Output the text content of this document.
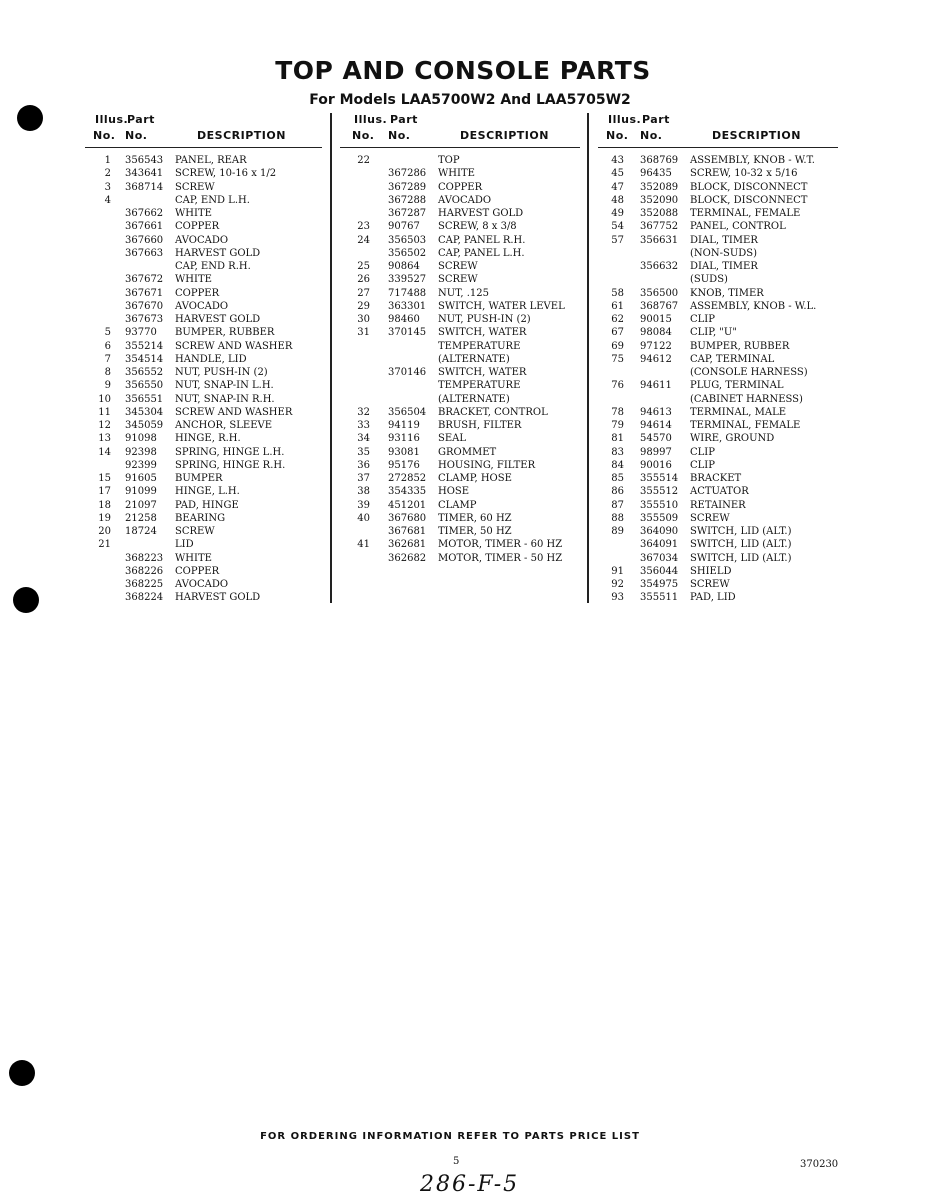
TOP AND CONSOLE PARTS
For Models LAA5700W2 And LAA5705W2
Illus.
Part
No. No.	DESCRIPTION
1 356543 PANEL, REAR
2 343641 SCREW, 10-16 x 1/2
3 368714 SCREW
4	CAP, END L.H.
367662 WHITE
367661 COPPER
367660 AVOCADO
367663 HARVEST GOLD
CAP, END R.H.
367672 WHITE
367671 COPPER
367670 AVOCADO
367673 HARVEST GOLD
5 93770 BUMPER, RUBBER
6 355214 SCREW AND WASHER
7 354514 HANDLE, LID
8 356552 NUT, PUSH-IN (2)
9 356550 NUT, SNAP-IN L.H.
10 356551 NUT, SNAP-IN R.H.
11 345304 SCREW AND WASHER
12 345059 ANCHOR, SLEEVE
13 91098 HINGE, R.H.
14 92398 SPRING, HINGE L.H.
92399 SPRING, HINGE R.H.
15 91605 BUMPER
17 91099 HINGE, L.H.
18 21097 PAD, HINGE
19 21258 BEARING
20 18724 SCREW
21	LID
368223 WHITE
368226 COPPER
368225 AVOCADO
368224 HARVEST GOLD
Illus. Part
No. No.	DESCRIPTION
22	TOP
367286 WHITE
367289 COPPER
367288 AVOCADO
367287 HARVEST GOLD
23 90767 SCREW, 8 x 3/8
24 356503 CAP, PANEL R.H.
356502 CAP, PANEL L.H.
25 90864 SCREW
26 339527 SCREW
27 717488 NUT, .125
29 363301 SWITCH, WATER LEVEL
30 98460 NUT, PUSH-IN (2)
31 370145 SWITCH, WATER
TEMPERATURE
(ALTERNATE)
370146 SWITCH, WATER
TEMPERATURE
(ALTERNATE)
32 356504 BRACKET, CONTROL
33 94119 BRUSH, FILTER
34 93116 SEAL
35 93081 GROMMET
36 95176 HOUSING, FILTER
37 272852 CLAMP, HOSE
38 354335 HOSE
39 451201 CLAMP
40 367680 TIMER, 60 HZ
367681 TIMER, 50 HZ
41 362681 MOTOR, TIMER - 60 HZ
362682 MOTOR, TIMER - 50 HZ
Illus. Part
No. No.	DESCRIPTION
43 368769 ASSEMBLY, KNOB - W.T.
45 96435 SCREW, 10-32 x 5/16
47 352089 BLOCK, DISCONNECT
48 352090 BLOCK, DISCONNECT
49 352088 TERMINAL, FEMALE
54 367752 PANEL, CONTROL
57 356631 DIAL, TIMER
(NON-SUDS)
356632 DIAL, TIMER
(SUDS)
58 356500 KNOB, TIMER
61 368767 ASSEMBLY, KNOB - W.L.
62 90015 CLIP
67 98084 CLIP, "U"
69 97122 BUMPER, RUBBER
75 94612 CAP, TERMINAL
(CONSOLE HARNESS)
76 94611 PLUG, TERMINAL
(CABINET HARNESS)
78 94613 TERMINAL, MALE
79 94614 TERMINAL, FEMALE
81 54570 WIRE, GROUND
83 98997 CLIP
84 90016 CLIP
85 355514 BRACKET
86 355512 ACTUATOR
87 355510 RETAINER
88 355509 SCREW
89 364090 SWITCH, LID (ALT.)
364091 SWITCH, LID (ALT.)
367034 SWITCH, LID (ALT.)
91 356044 SHIELD
92 354975 SCREW
93 355511 PAD, LID
FOR ORDERING INFORMATION REFER TO PARTS PRICE LIST
5	370230
286-F-5
